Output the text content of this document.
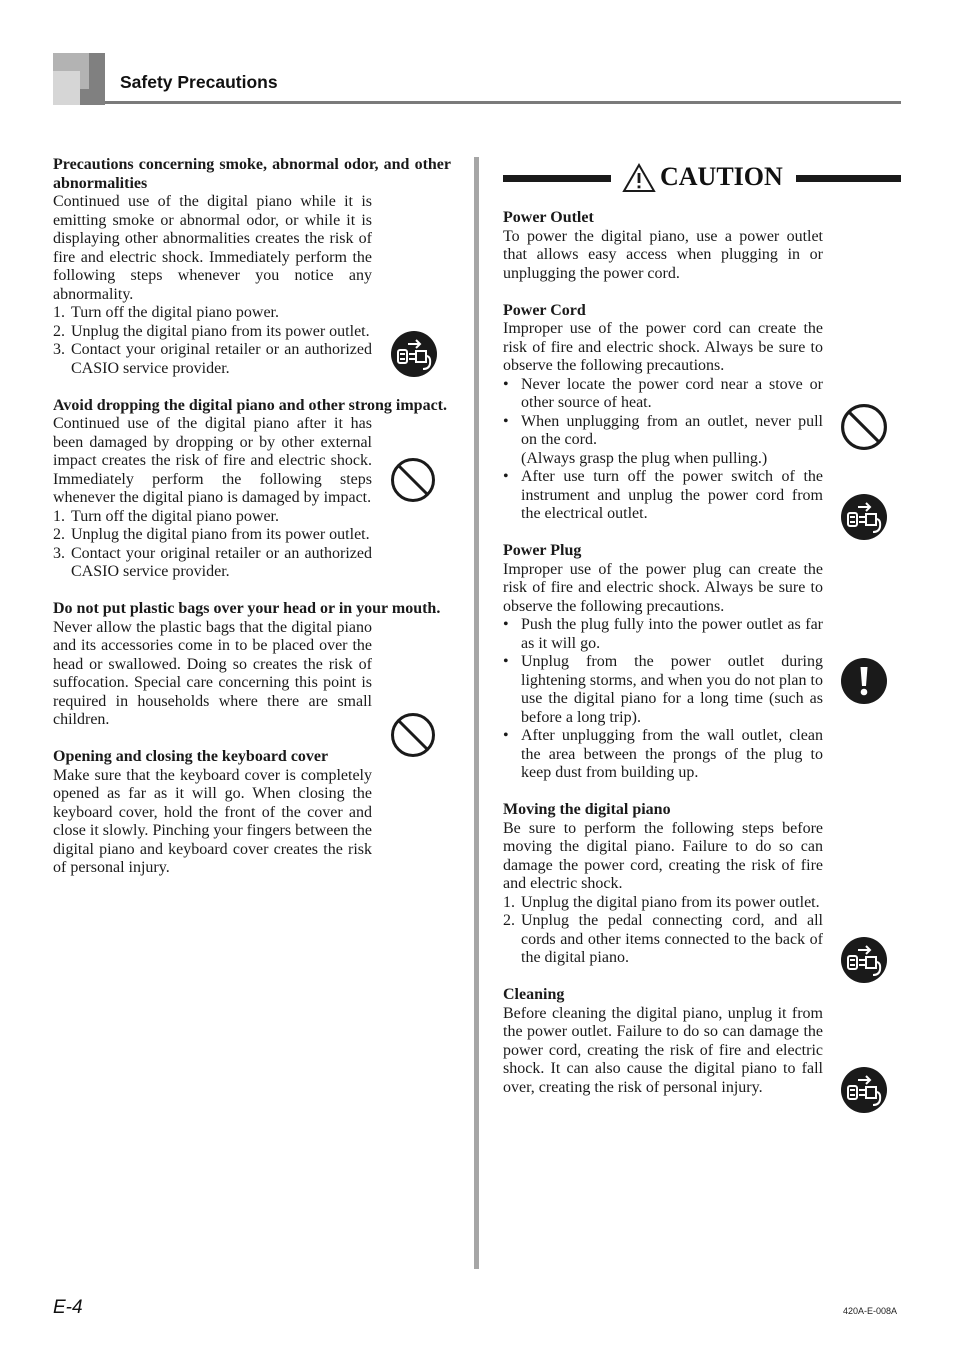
Safety Precautions
Precautions concerning smoke, abnormal odor, and other abnormalities

Continued use of the digital piano while it is emitting smoke or abnormal odor, or while it is displaying other abnormalities creates the risk of fire and electric shock. Immediately perform the following steps whenever you notice any abnormality.

1. Turn off the digital piano power.
2. Unplug the digital piano from its power outlet.
3. Contact your original retailer or an authorized CASIO service provider.
Avoid dropping the digital piano and other strong impact.

Continued use of the digital piano after it has been damaged by dropping or by other external impact creates the risk of fire and electric shock. Immediately perform the following steps whenever the digital piano is damaged by impact.

1. Turn off the digital piano power.
2. Unplug the digital piano from its power outlet.
3. Contact your original retailer or an authorized CASIO service provider.
Do not put plastic bags over your head or in your mouth.

Never allow the plastic bags that the digital piano and its accessories come in to be placed over the head or swallowed. Doing so creates the risk of suffocation. Special care concerning this point is required in households where there are small children.

Opening and closing the keyboard cover

Make sure that the keyboard cover is completely opened as far as it will go. When closing the keyboard cover, hold the front of the cover and close it slowly. Pinching your fingers between the digital piano and keyboard cover creates the risk of personal injury.

CAUTION
Power Outlet

To power the digital piano, use a power outlet that allows easy access when plugging in or unplugging the power cord.

Power Cord

Improper use of the power cord can create the risk of fire and electric shock. Always be sure to observe the following precautions.

• Never locate the power cord near a stove or other source of heat.
• When unplugging from an outlet, never pull on the cord.
(Always grasp the plug when pulling.)
• After use turn off the power switch of the instrument and unplug the power cord from the electrical outlet.
Power Plug

Improper use of the power plug can create the risk of fire and electric shock. Always be sure to observe the following precautions.

• Push the plug fully into the power outlet as far as it will go.
• Unplug from the power outlet during lightening storms, and when you do not plan to use the digital piano for a long time (such as before a long trip).
• After unplugging from the wall outlet, clean the area between the prongs of the plug to keep dust from building up.
Moving the digital piano

Be sure to perform the following steps before moving the digital piano. Failure to do so can damage the power cord, creating the risk of fire and electric shock.

1. Unplug the digital piano from its power outlet.
2. Unplug the pedal connecting cord, and all cords and other items connected to the back of the digital piano.
Cleaning

Before cleaning the digital piano, unplug it from the power outlet. Failure to do so can damage the power cord, creating the risk of fire and electric shock. It can also cause the digital piano to fall over, creating the risk of personal injury.

E-4	420A-E-008A
